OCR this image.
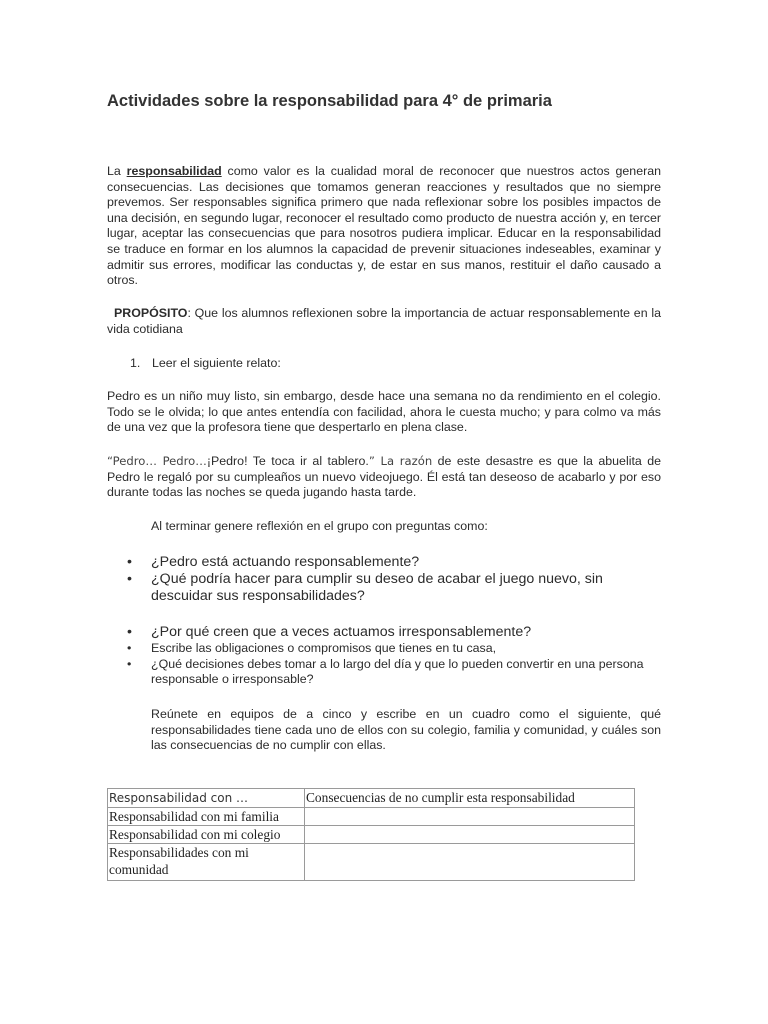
Actividades sobre la responsabilidad para 4° de primaria

La responsabilidad como valor es la cualidad moral de reconocer que nuestros actos generan consecuencias. Las decisiones que tomamos generan reacciones y resultados que no siempre prevemos. Ser responsables significa primero que nada reflexionar sobre los posibles impactos de una decisión, en segundo lugar, reconocer el resultado como producto de nuestra acción y, en tercer lugar, aceptar las consecuencias que para nosotros pudiera implicar. Educar en la responsabilidad se traduce en formar en los alumnos la capacidad de prevenir situaciones indeseables, examinar y admitir sus errores, modificar las conductas y, de estar en sus manos, restituir el daño causado a otros.

PROPÓSITO: Que los alumnos reflexionen sobre la importancia de actuar responsablemente en la vida cotidiana

1. Leer el siguiente relato:

Pedro es un niño muy listo, sin embargo, desde hace una semana no da rendimiento en el colegio. Todo se le olvida; lo que antes entendía con facilidad, ahora le cuesta mucho; y para colmo va más de una vez que la profesora tiene que despertarlo en plena clase.

“Pedro… Pedro…¡Pedro! Te toca ir al tablero.” La razón de este desastre es que la abuelita de Pedro le regaló por su cumpleaños un nuevo videojuego. Él está tan deseoso de acabarlo y por eso durante todas las noches se queda jugando hasta tarde.

Al terminar genere reflexión en el grupo con preguntas como:

• ¿Pedro está actuando responsablemente?
• ¿Qué podría hacer para cumplir su deseo de acabar el juego nuevo, sin descuidar sus responsabilidades?
• ¿Por qué creen que a veces actuamos irresponsablemente?
• Escribe las obligaciones o compromisos que tienes en tu casa,
• ¿Qué decisiones debes tomar a lo largo del día y que lo pueden convertir en una persona responsable o irresponsable?

Reúnete en equipos de a cinco y escribe en un cuadro como el siguiente, qué responsabilidades tiene cada uno de ellos con su colegio, familia y comunidad, y cuáles son las consecuencias de no cumplir con ellas.

Responsabilidad con …	Consecuencias de no cumplir esta responsabilidad
Responsabilidad con mi familia	
Responsabilidad con mi colegio	
Responsabilidades con mi comunidad	
